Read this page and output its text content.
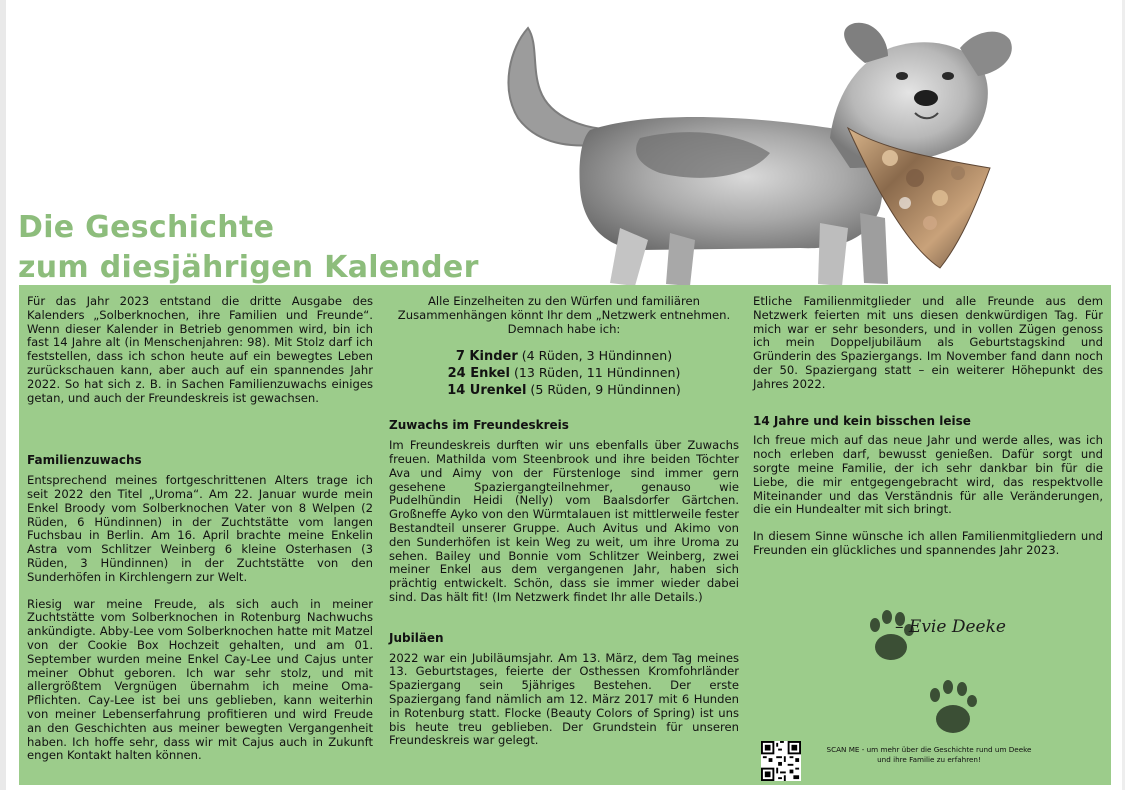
Die Geschichte
zum diesjährigen Kalender

Für das Jahr 2023 entstand die dritte Ausgabe des Kalenders „Solberknochen, ihre Familien und Freunde“. Wenn dieser Kalender in Betrieb genommen wird, bin ich fast 14 Jahre alt (in Menschenjahren: 98). Mit Stolz darf ich feststellen, dass ich schon heute auf ein bewegtes Leben zurückschauen kann, aber auch auf ein spannendes Jahr 2022. So hat sich z. B. in Sachen Familienzuwachs einiges getan, und auch der Freundeskreis ist gewachsen.

Familienzuwachs

Entsprechend meines fortgeschrittenen Alters trage ich seit 2022 den Titel „Uroma“. Am 22. Januar wurde mein Enkel Broody vom Solberknochen Vater von 8 Welpen (2 Rüden, 6 Hündinnen) in der Zuchtstätte vom langen Fuchsbau in Berlin. Am 16. April brachte meine Enkelin Astra vom Schlitzer Weinberg 6 kleine Osterhasen (3 Rüden, 3 Hündinnen) in der Zuchtstätte von den Sunderhöfen in Kirchlengern zur Welt.

Riesig war meine Freude, als sich auch in meiner Zuchtstätte vom Solberknochen in Rotenburg Nachwuchs ankündigte. Abby-Lee vom Solberknochen hatte mit Matzel von der Cookie Box Hochzeit gehalten, und am 01. September wurden meine Enkel Cay-Lee und Cajus unter meiner Obhut geboren. Ich war sehr stolz, und mit allergrößtem Vergnügen übernahm ich meine Oma-Pflichten. Cay-Lee ist bei uns geblieben, kann weiterhin von meiner Lebenserfahrung profitieren und wird Freude an den Geschichten aus meiner bewegten Vergangenheit haben. Ich hoffe sehr, dass wir mit Cajus auch in Zukunft engen Kontakt halten können.

Alle Einzelheiten zu den Würfen und familiären Zusammenhängen könnt Ihr dem „Netzwerk entnehmen. Demnach habe ich:

7 Kinder (4 Rüden, 3 Hündinnen)
24 Enkel (13 Rüden, 11 Hündinnen)
14 Urenkel (5 Rüden, 9 Hündinnen)

Zuwachs im Freundeskreis

Im Freundeskreis durften wir uns ebenfalls über Zuwachs freuen. Mathilda vom Steenbrook und ihre beiden Töchter Ava und Aimy von der Fürstenloge sind immer gern gesehene Spaziergangteilnehmer, genauso wie Pudelhündin Heidi (Nelly) vom Baalsdorfer Gärtchen. Großneffe Ayko von den Würmtalauen ist mittlerweile fester Bestandteil unserer Gruppe. Auch Avitus und Akimo von den Sunderhöfen ist kein Weg zu weit, um ihre Uroma zu sehen. Bailey und Bonnie vom Schlitzer Weinberg, zwei meiner Enkel aus dem vergangenen Jahr, haben sich prächtig entwickelt. Schön, dass sie immer wieder dabei sind. Das hält fit! (Im Netzwerk findet Ihr alle Details.)

Jubiläen

2022 war ein Jubiläumsjahr. Am 13. März, dem Tag meines 13. Geburtstages, feierte der Osthessen Kromfohrländer Spaziergang sein 5jähriges Bestehen. Der erste Spaziergang fand nämlich am 12. März 2017 mit 6 Hunden in Rotenburg statt. Flocke (Beauty Colors of Spring) ist uns bis heute treu geblieben. Der Grundstein für unseren Freundeskreis war gelegt.

Etliche Familienmitglieder und alle Freunde aus dem Netzwerk feierten mit uns diesen denkwürdigen Tag. Für mich war er sehr besonders, und in vollen Zügen genoss ich mein Doppeljubiläum als Geburtstagskind und Gründerin des Spaziergangs. Im November fand dann noch der 50. Spaziergang statt – ein weiterer Höhepunkt des Jahres 2022.

14 Jahre und kein bisschen leise

Ich freue mich auf das neue Jahr und werde alles, was ich noch erleben darf, bewusst genießen. Dafür sorgt und sorgte meine Familie, der ich sehr dankbar bin für die Liebe, die mir entgegengebracht wird, das respektvolle Miteinander und das Verständnis für alle Veränderungen, die ein Hundealter mit sich bringt.

In diesem Sinne wünsche ich allen Familienmitgliedern und Freunden ein glückliches und spannendes Jahr 2023.

– Evie Deeke
SCAN ME - um mehr über die Geschichte rund um Deeke
und ihre Familie zu erfahren!
